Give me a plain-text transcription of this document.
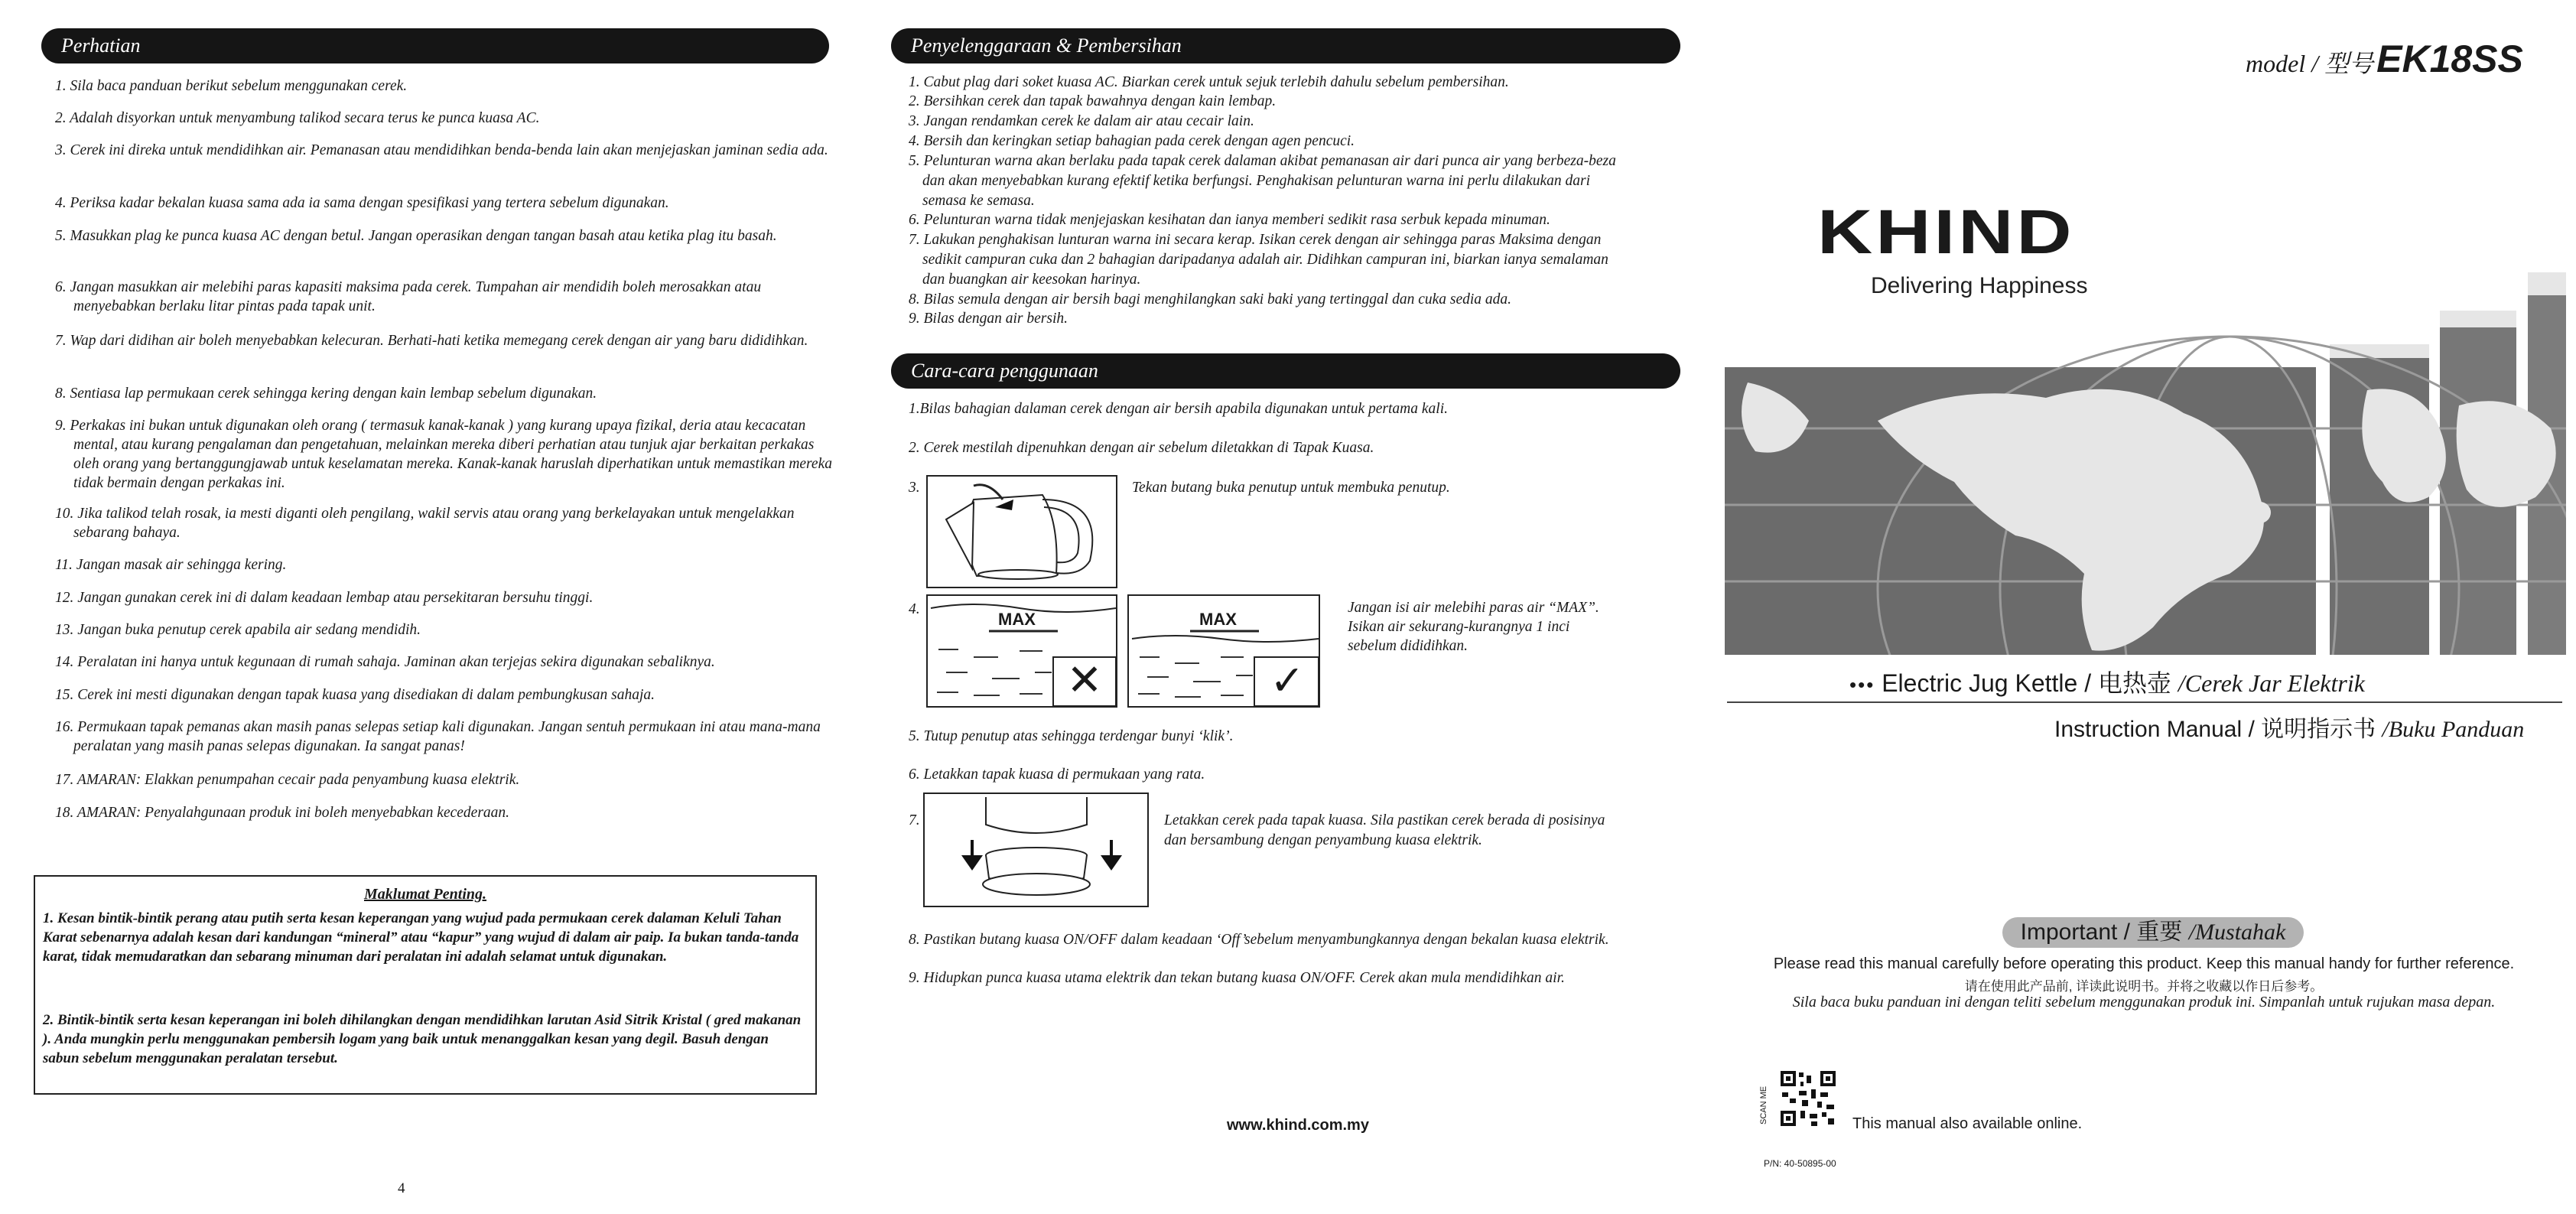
Perhatian
1. Sila baca panduan berikut sebelum menggunakan cerek.
2. Adalah disyorkan untuk menyambung talikod secara terus ke punca kuasa AC.
3. Cerek ini direka untuk mendidihkan air. Pemanasan atau mendidihkan benda-benda lain akan menjejaskan jaminan sedia ada.
4. Periksa kadar bekalan kuasa sama ada ia sama dengan spesifikasi yang tertera sebelum digunakan.
5. Masukkan plag ke punca kuasa AC dengan betul. Jangan operasikan dengan tangan basah atau ketika plag itu basah.
6. Jangan masukkan air melebihi paras kapasiti maksima pada cerek. Tumpahan air mendidih boleh merosakkan atau menyebabkan berlaku litar pintas pada tapak unit.
7. Wap dari didihan air boleh menyebabkan kelecuran. Berhati-hati ketika memegang cerek dengan air yang baru dididihkan.
8. Sentiasa lap permukaan cerek sehingga kering dengan kain lembap sebelum digunakan.
9. Perkakas ini bukan untuk digunakan oleh orang ( termasuk kanak-kanak ) yang kurang upaya fizikal, deria atau kecacatan mental, atau kurang pengalaman dan pengetahuan, melainkan mereka diberi perhatian atau tunjuk ajar berkaitan perkakas oleh orang yang bertanggungjawab untuk keselamatan mereka. Kanak-kanak haruslah diperhatikan untuk memastikan mereka tidak bermain dengan perkakas ini.
10. Jika talikod telah rosak, ia mesti diganti oleh pengilang, wakil servis atau orang yang berkelayakan untuk mengelakkan sebarang bahaya.
11. Jangan masak air sehingga kering.
12. Jangan gunakan cerek ini di dalam keadaan lembap atau persekitaran bersuhu tinggi.
13. Jangan buka penutup cerek apabila air sedang mendidih.
14. Peralatan ini hanya untuk kegunaan di rumah sahaja. Jaminan akan terjejas sekira digunakan sebaliknya.
15. Cerek ini mesti digunakan dengan tapak kuasa yang disediakan di dalam pembungkusan sahaja.
16. Permukaan tapak pemanas akan masih panas selepas setiap kali digunakan. Jangan sentuh permukaan ini atau mana-mana peralatan yang masih panas selepas digunakan. Ia sangat panas!
17. AMARAN: Elakkan penumpahan cecair pada penyambung kuasa elektrik.
18. AMARAN: Penyalahgunaan produk ini boleh menyebabkan kecederaan.
Maklumat Penting.
1. Kesan bintik-bintik perang atau putih serta kesan keperangan yang wujud pada permukaan cerek dalaman Keluli Tahan Karat sebenarnya adalah kesan dari kandungan “mineral” atau “kapur” yang wujud di dalam air paip. Ia bukan tanda-tanda karat, tidak memudaratkan dan sebarang minuman dari peralatan ini adalah selamat untuk digunakan.
2. Bintik-bintik serta kesan keperangan ini boleh dihilangkan dengan mendidihkan larutan Asid Sitrik Kristal ( gred makanan ). Anda mungkin perlu menggunakan pembersih logam yang baik untuk menanggalkan kesan yang degil. Basuh dengan sabun sebelum menggunakan peralatan tersebut.
4
Penyelenggaraan & Pembersihan
1. Cabut plag dari soket kuasa AC. Biarkan cerek untuk sejuk terlebih dahulu sebelum pembersihan.
2. Bersihkan cerek dan tapak bawahnya dengan kain lembap.
3. Jangan rendamkan cerek ke dalam air atau cecair lain.
4. Bersih dan keringkan setiap bahagian pada cerek dengan agen pencuci.
5. Pelunturan warna akan berlaku pada tapak cerek dalaman akibat pemanasan air dari punca air yang berbeza-beza
dan akan menyebabkan kurang efektif ketika berfungsi. Penghakisan pelunturan warna ini perlu dilakukan dari
semasa ke semasa.
6. Pelunturan warna tidak menjejaskan kesihatan dan ianya memberi sedikit rasa serbuk kepada minuman.
7. Lakukan penghakisan lunturan warna ini secara kerap. Isikan cerek dengan air sehingga paras Maksima dengan
sedikit campuran cuka dan 2 bahagian daripadanya adalah air. Didihkan campuran ini, biarkan ianya semalaman
dan buangkan air keesokan harinya.
8. Bilas semula dengan air bersih bagi menghilangkan saki baki yang tertinggal dan cuka sedia ada.
9. Bilas dengan air bersih.
Cara-cara penggunaan
1.Bilas bahagian dalaman cerek dengan air bersih apabila digunakan untuk pertama kali.
2. Cerek mestilah dipenuhkan dengan air sebelum diletakkan di Tapak Kuasa.
3.	Tekan butang buka penutup untuk membuka penutup.
4.	Jangan isi air melebihi paras air “MAX”.
Isikan air sekurang-kurangnya 1 inci
sebelum dididihkan.
5. Tutup penutup atas sehingga terdengar bunyi ‘klik’.
6. Letakkan tapak kuasa di permukaan yang rata.
7.	Letakkan cerek pada tapak kuasa. Sila pastikan cerek berada di posisinya
dan bersambung dengan penyambung kuasa elektrik.
8. Pastikan butang kuasa ON/OFF dalam keadaan ‘Off’sebelum menyambungkannya dengan bekalan kuasa elektrik.
9. Hidupkan punca kuasa utama elektrik dan tekan butang kuasa ON/OFF. Cerek akan mula mendidihkan air.
MAX
✕
MAX
✓
www.khind.com.my
model / 型号 EK18SS
KHIND
Delivering Happiness
••• Electric Jug Kettle / 电热壶 /Cerek Jar Elektrik
Instruction Manual / 说明指示书 /Buku Panduan
Important / 重要 /Mustahak
Please read this manual carefully before operating this product. Keep this manual handy for further reference.
请在使用此产品前, 详读此说明书。并将之收藏以作日后参考。
Sila baca buku panduan ini dengan teliti sebelum menggunakan produk ini. Simpanlah untuk rujukan masa depan.
SCAN ME	This manual also available online.
P/N: 40-50895-00
